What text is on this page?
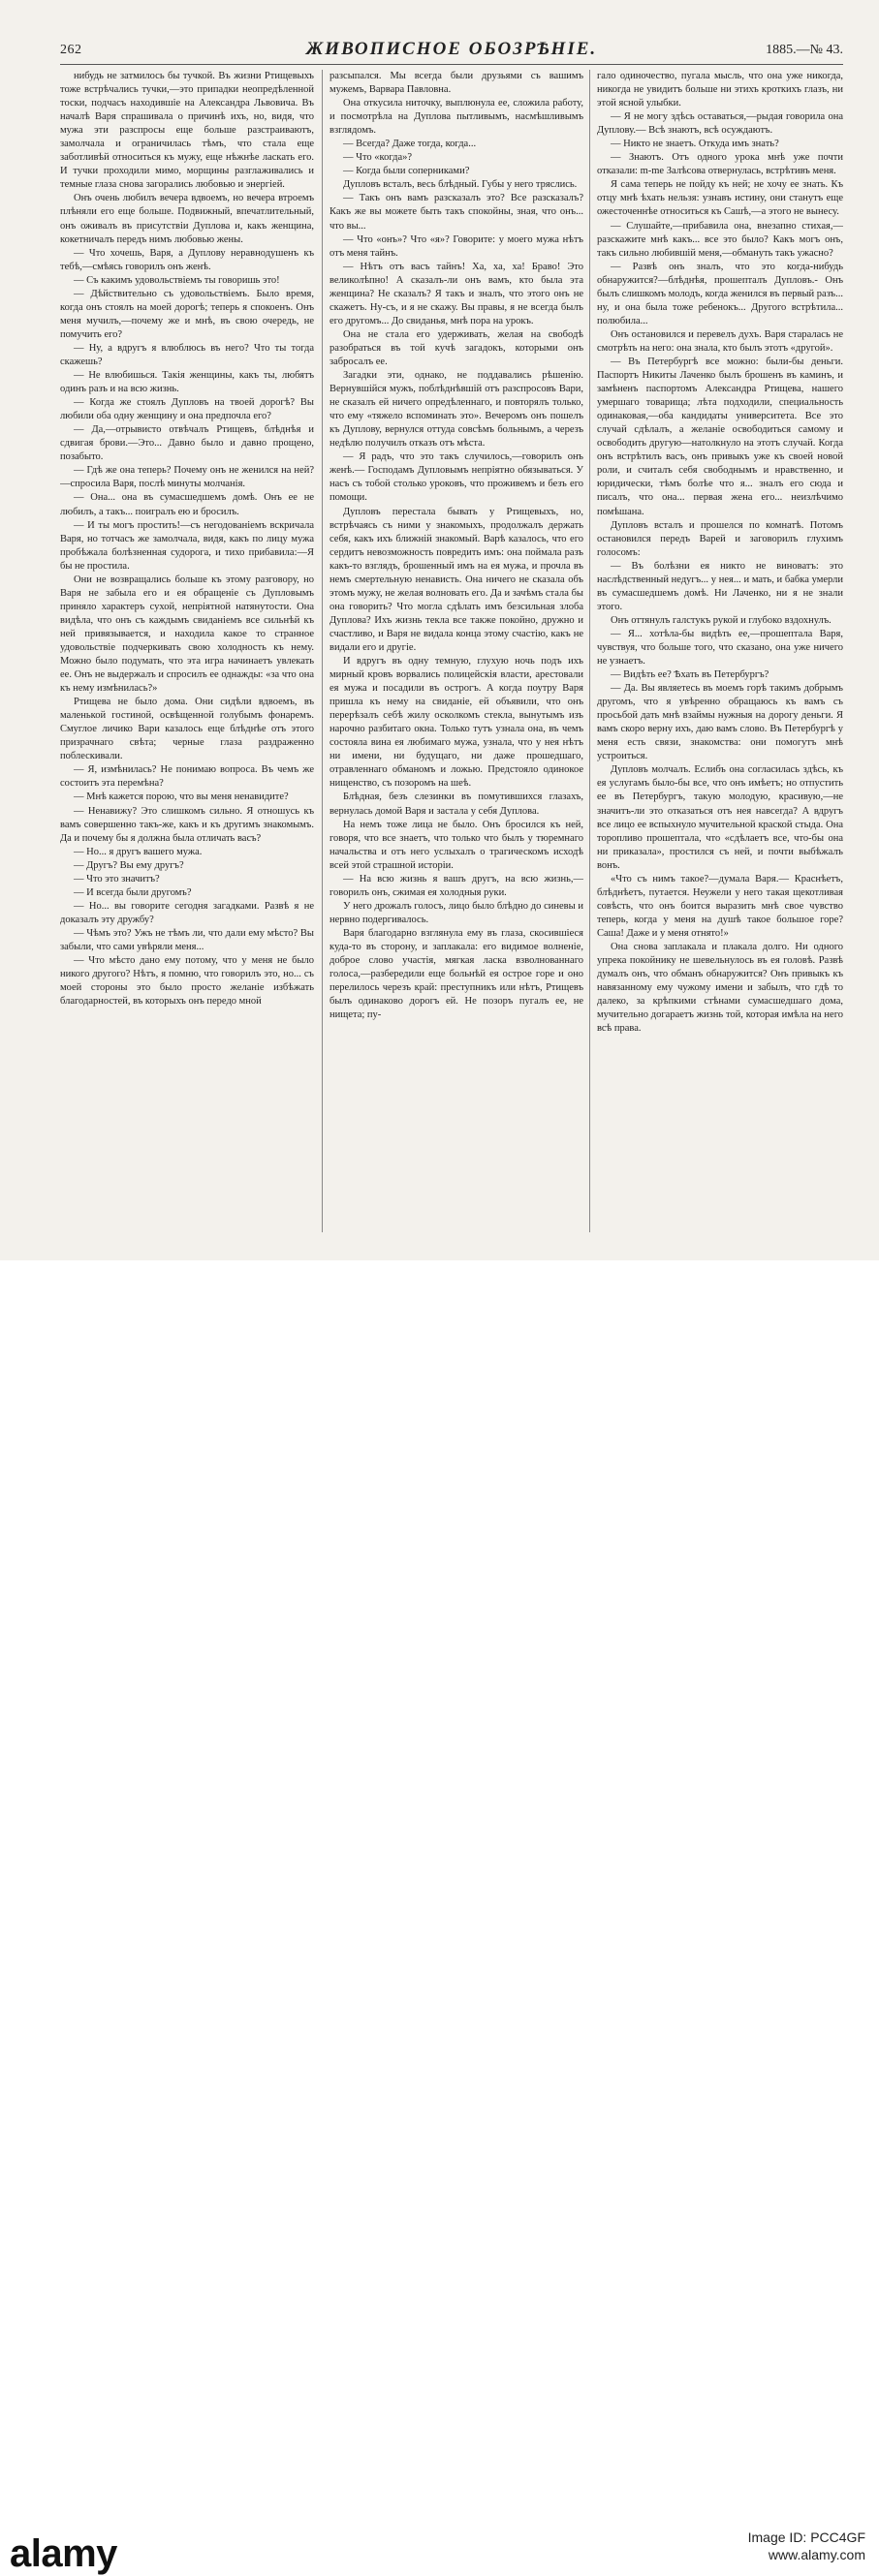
262	ЖИВОПИСНОЕ ОБОЗРѢНІЕ.	1885.—№ 43.

нибудь не затмилось бы тучкой. Въ жизни Ртищевыхъ тоже встрѣчались тучки,—это припадки неопредѣленной тоски, подчасъ находившіе на Александра Львовича. Въ началѣ Варя спрашивала о причинѣ ихъ, но, видя, что мужа эти разспросы еще больше разстраиваютъ, замолчала и ограничилась тѣмъ, что стала еще заботливѣй относиться къ мужу, еще нѣжнѣе ласкать его. И тучки проходили мимо, морщины разглаживались и темные глаза снова загорались любовью и энергіей.

Онъ очень любилъ вечера вдвоемъ, но вечера втроемъ плѣняли его еще больше. Подвижный, впечатлительный, онъ оживалъ въ присутствіи Дуплова и, какъ женщина, кокетничалъ передъ нимъ любовью жены.

— Что хочешь, Варя, а Дуплову неравнодушенъ къ тебѣ,—смѣясь говорилъ онъ женѣ.

— Съ какимъ удовольствіемъ ты говоришь это!

— Дѣйствительно съ удовольствіемъ. Было время, когда онъ стоялъ на моей дорогѣ; теперь я спокоенъ. Онъ меня мучилъ,—почему же и мнѣ, въ свою очередь, не помучить его?

— Ну, а вдругъ я влюблюсь въ него? Что ты тогда скажешь?

— Не влюбишься. Такія женщины, какъ ты, любятъ одинъ разъ и на всю жизнь.

— Когда же стоялъ Дупловъ на твоей дорогѣ? Вы любили оба одну женщину и она предпочла его?

— Да,—отрывисто отвѣчалъ Ртищевъ, блѣднѣя и сдвигая брови.—Это... Давно было и давно прощено, позабыто.

— Гдѣ же она теперь? Почему онъ не женился на ней?—спросила Варя, послѣ минуты молчанія.

— Она... она въ сумасшедшемъ домѣ. Онъ ее не любилъ, а такъ... поигралъ ею и бросилъ.

— И ты могъ простить!—съ негодованіемъ вскричала Варя, но тотчасъ же замолчала, видя, какъ по лицу мужа пробѣжала болѣзненная судорога, и тихо прибавила:—Я бы не простила.

Они не возвращались больше къ этому разговору, но Варя не забыла его и ея обращеніе съ Дупловымъ приняло характеръ сухой, непріятной натянутости. Она видѣла, что онъ съ каждымъ свиданіемъ все сильнѣй къ ней привязывается, и находила какое то странное удовольствіе подчеркивать свою холодность къ нему. Можно было подумать, что эта игра начинаетъ увлекать ее. Онъ не выдержалъ и спросилъ ее однажды: «за что она къ нему измѣнилась?»

Ртищева не было дома. Они сидѣли вдвоемъ, въ маленькой гостиной, освѣщенной голубымъ фонаремъ. Смуглое личико Вари казалось еще блѣднѣе отъ этого призрачнаго свѣта; черные глаза раздраженно поблескивали.

— Я, измѣнилась? Не понимаю вопроса. Въ чемъ же состоитъ эта перемѣна?

— Мнѣ кажется порою, что вы меня ненавидите?

— Ненавижу? Это слишкомъ сильно. Я отношусь къ вамъ совершенно такъ-же, какъ и къ другимъ знакомымъ. Да и почему бы я должна была отличать васъ?

— Но... я другъ вашего мужа.

— Другъ? Вы ему другъ?

— Что это значитъ?

— И всегда были другомъ?

— Но... вы говорите сегодня загадками. Развѣ я не доказалъ эту дружбу?

— Чѣмъ это? Ужъ не тѣмъ ли, что дали ему мѣсто? Вы забыли, что сами увѣряли меня...

— Что мѣсто дано ему потому, что у меня не было никого другого? Нѣтъ, я помню, что говорилъ это, но... съ моей стороны это было просто желаніе избѣжать благодарностей, въ которыхъ онъ передо мной

разсыпался. Мы всегда были друзьями съ вашимъ мужемъ, Варвара Павловна.

Она откусила ниточку, выплюнула ее, сложила работу, и посмотрѣла на Дуплова пытливымъ, насмѣшливымъ взглядомъ.

— Всегда? Даже тогда, когда...

— Что «когда»?

— Когда были соперниками?

Дупловъ всталъ, весь блѣдный. Губы у него тряслись.

— Такъ онъ вамъ разсказалъ это? Все разсказалъ? Какъ же вы можете быть такъ спокойны, зная, что онъ... что вы...

— Что «онъ»? Что «я»? Говорите: у моего мужа нѣтъ отъ меня тайнъ.

— Нѣтъ отъ васъ тайнъ! Ха, ха, ха! Браво! Это великолѣпно! А сказалъ-ли онъ вамъ, кто была эта женщина? Не сказалъ? Я такъ и зналъ, что этого онъ не скажетъ. Ну-съ, и я не скажу. Вы правы, я не всегда былъ его другомъ... До свиданья, мнѣ пора на урокъ.

Она не стала его удерживать, желая на свободѣ разобраться въ той кучѣ загадокъ, которыми онъ забросалъ ее.

Загадки эти, однако, не поддавались рѣшенію. Вернувшійся мужъ, поблѣднѣвшій отъ разспросовъ Вари, не сказалъ ей ничего опредѣленнаго, и повторялъ только, что ему «тяжело вспоминать это». Вечеромъ онъ пошелъ къ Дуплову, вернулся оттуда совсѣмъ больнымъ, а черезъ недѣлю получилъ отказъ отъ мѣста.

— Я радъ, что это такъ случилось,—говорилъ онъ женѣ.— Господамъ Дупловымъ непріятно обязываться. У насъ съ тобой столько уроковъ, что проживемъ и безъ его помощи.

Дупловъ перестала бывать у Ртищевыхъ, но, встрѣчаясь съ ними у знакомыхъ, продолжалъ держать себя, какъ ихъ ближній знакомый. Варѣ казалось, что его сердитъ невозможность повредить имъ: она поймала разъ какъ-то взглядъ, брошенный имъ на ея мужа, и прочла въ немъ смертельную ненависть. Она ничего не сказала объ этомъ мужу, не желая волновать его. Да и зачѣмъ стала бы она говорить? Что могла сдѣлать имъ безсильная злоба Дуплова? Ихъ жизнь текла все также покойно, дружно и счастливо, и Варя не видала конца этому счастію, какъ не видали его и другіе.

И вдругъ въ одну темную, глухую ночь подъ ихъ мирный кровъ ворвались полицейскія власти, арестовали ея мужа и посадили въ острогъ. А когда поутру Варя пришла къ нему на свиданіе, ей объявили, что онъ перерѣзалъ себѣ жилу осколкомъ стекла, вынутымъ изъ нарочно разбитаго окна. Только тутъ узнала она, въ чемъ состояла вина ея любимаго мужа, узнала, что у нея нѣтъ ни имени, ни будущаго, ни даже прошедшаго, отравленнаго обманомъ и ложью. Предстояло одинокое нищенство, съ позоромъ на шеѣ.

Блѣдная, безъ слезинки въ помутившихся глазахъ, вернулась домой Варя и застала у себя Дуплова.

На немъ тоже лица не было. Онъ бросился къ ней, говоря, что все знаетъ, что только что былъ у тюремнаго начальства и отъ него услыхалъ о трагическомъ исходѣ всей этой страшной исторіи.

— На всю жизнь я вашъ другъ, на всю жизнь,—говорилъ онъ, сжимая ея холодныя руки.

У него дрожалъ голосъ, лицо было блѣдно до синевы и нервно подергивалось.

Варя благодарно взглянула ему въ глаза, скосившіеся куда-то въ сторону, и заплакала: его видимое волненіе, доброе слово участія, мягкая ласка взволнованнаго голоса,—разбередили еще больнѣй ея острое горе и оно перелилось черезъ край: преступникъ или нѣтъ, Ртищевъ былъ одинаково дорогъ ей. Не позоръ пугалъ ее, не нищета; пу-

гало одиночество, пугала мысль, что она уже никогда, никогда не увидитъ больше ни этихъ кроткихъ глазъ, ни этой ясной улыбки.

— Я не могу здѣсь оставаться,—рыдая говорила она Дуплову.— Всѣ знаютъ, всѣ осуждаютъ.

— Никто не знаетъ. Откуда имъ знать?

— Знаютъ. Отъ одного урока мнѣ уже почти отказали: m-me Залѣсова отвернулась, встрѣтивъ меня.

Я сама теперь не пойду къ ней; не хочу ее знать. Къ отцу мнѣ ѣхать нельзя: узнавъ истину, они станутъ еще ожесточеннѣе относиться къ Сашѣ,—а этого не вынесу.

— Слушайте,—прибавила она, внезапно стихая,—разскажите мнѣ какъ... все это было? Какъ могъ онъ, такъ сильно любившій меня,—обмануть такъ ужасно?

— Развѣ онъ зналъ, что это когда-нибудь обнаружится?—блѣднѣя, прошепталъ Дупловъ.- Онъ былъ слишкомъ молодъ, когда женился въ первый разъ... ну, и она была тоже ребенокъ... Другого встрѣтила... полюбила...

Онъ остановился и перевелъ духъ. Варя старалась не смотрѣть на него: она знала, кто былъ этотъ «другой».

— Въ Петербургѣ все можно: были-бы деньги. Паспортъ Никиты Лаченко былъ брошенъ въ каминъ, и замѣненъ паспортомъ Александра Ртищева, нашего умершаго товарища; лѣта подходили, специальность одинаковая,—оба кандидаты университета. Все это случай сдѣлалъ, а желаніе освободиться самому и освободить другую—натолкнуло на этотъ случай. Когда онъ встрѣтилъ васъ, онъ привыкъ уже къ своей новой роли, и считалъ себя свободнымъ и нравственно, и юридически, тѣмъ болѣе что я... зналъ его сюда и писалъ, что она... первая жена его... неизлѣчимо помѣшана.

Дупловъ всталъ и прошелся по комнатѣ. Потомъ остановился передъ Варей и заговорилъ глухимъ голосомъ:

— Въ болѣзни ея никто не виноватъ: это наслѣдственный недугъ... у нея... и мать, и бабка умерли въ сумасшедшемъ домѣ. Ни Лаченко, ни я не знали этого.

Онъ оттянулъ галстукъ рукой и глубоко вздохнулъ.

— Я... хотѣла-бы видѣть ее,—прошептала Варя, чувствуя, что больше того, что сказано, она уже ничего не узнаетъ.

— Видѣть ее? Ѣхать въ Петербургъ?

— Да. Вы являетесь въ моемъ горѣ такимъ добрымъ другомъ, что я увѣренно обращаюсь къ вамъ съ просьбой дать мнѣ взаймы нужныя на дорогу деньги. Я вамъ скоро верну ихъ, даю вамъ слово. Въ Петербургѣ у меня есть связи, знакомства: они помогутъ мнѣ устроиться.

Дупловъ молчалъ. Еслибъ она согласилась здѣсь, къ ея услугамъ было-бы все, что онъ имѣетъ; но отпустить ее въ Петербургъ, такую молодую, красивую,—не значитъ-ли это отказаться отъ нея навсегда? А вдругъ все лицо ее вспыхнуло мучительной краской стыда. Она торопливо прошептала, что «сдѣлаетъ все, что-бы она ни приказала», простился съ ней, и почти выбѣжалъ вонъ.

«Что съ нимъ такое?—думала Варя.— Краснѣетъ, блѣднѣетъ, путается. Неужели у него такая щекотливая совѣсть, что онъ боится выразить мнѣ свое чувство теперь, когда у меня на душѣ такое большое горе? Саша! Даже и у меня отнято!»

Она снова заплакала и плакала долго. Ни одного упрека покойнику не шевельнулось въ ея головѣ. Развѣ думалъ онъ, что обманъ обнаружится? Онъ привыкъ къ навязанному ему чужому имени и забылъ, что гдѣ то далеко, за крѣпкими стѣнами сумасшедшаго дома, мучительно догараетъ жизнь той, которая имѣла на него всѣ права.

alamy	Image ID: PCC4GF
www.alamy.com
